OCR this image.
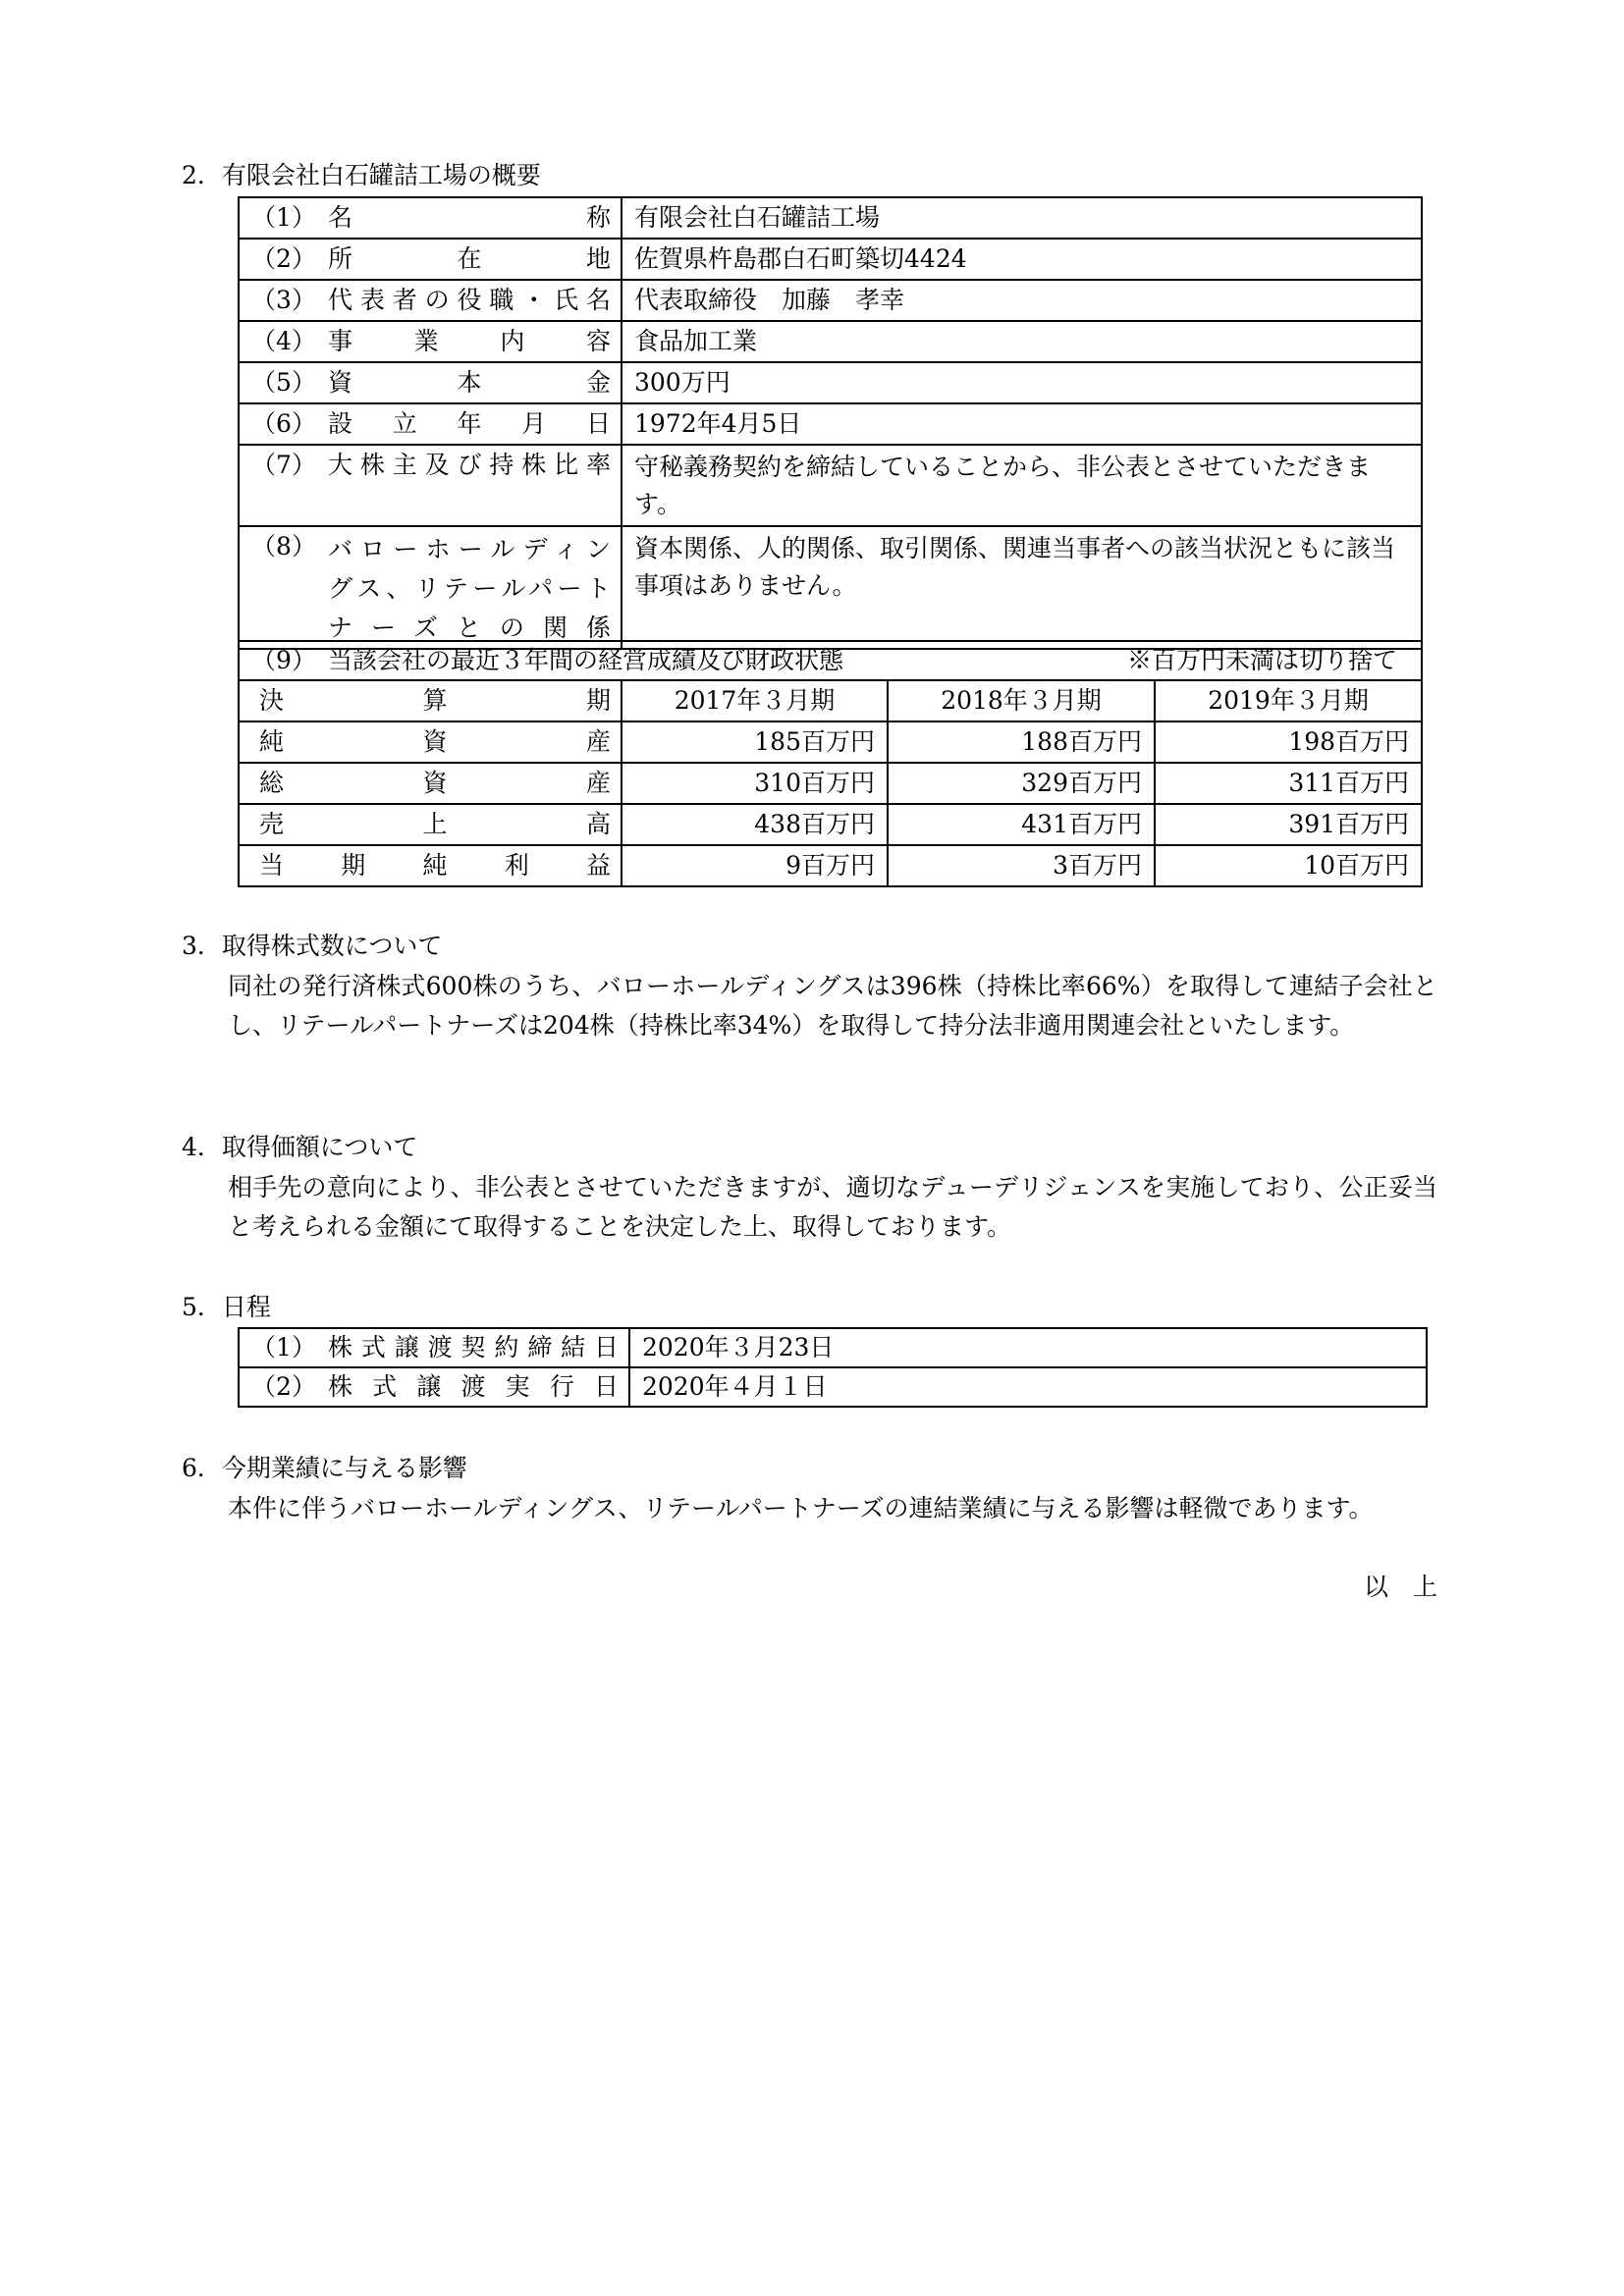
2．有限会社白石罐詰工場の概要
（1） 名　　　　称	有限会社白石罐詰工場

（2） 所　在　地	佐賀県杵島郡白石町築切4424

（3） 代表者の役職・氏名	代表取締役　加藤　孝幸

（4） 事　業　内　容	食品加工業

（5） 資　本　金	300万円

（6） 設　立　年　月　日	1972年4月5日

（7） 大株主及び持株比率	守秘義務契約を締結していることから、非公表とさせていただきます。

（8） バローホールディン
グス、リテールパート
ナーズとの関係	資本関係、人的関係、取引関係、関連当事者への該当状況ともに該当事項はありません。
（9） 当該会社の最近３年間の経営成績及び財政状態 ※百万円未満は切り捨て			

決　算　期	2017年３月期	2018年３月期	2019年３月期

純　資　産	185百万円	188百万円	198百万円

総　資　産	310百万円	329百万円	311百万円

売　上　高	438百万円	431百万円	391百万円

当　期　純　利　益	9百万円	3百万円	10百万円
3．取得株式数について
同社の発行済株式600株のうち、バローホールディングスは396株（持株比率66%）を取得して連結子会社とし、リテールパートナーズは204株（持株比率34%）を取得して持分法非適用関連会社といたします。
4．取得価額について
相手先の意向により、非公表とさせていただきますが、適切なデューデリジェンスを実施しており、公正妥当と考えられる金額にて取得することを決定した上、取得しております。
5．日程
（1） 株式譲渡契約締結日	2020年３月23日

（2） 株式譲渡実行日	2020年４月１日
6．今期業績に与える影響
本件に伴うバローホールディングス、リテールパートナーズの連結業績に与える影響は軽微であります。
以　上
